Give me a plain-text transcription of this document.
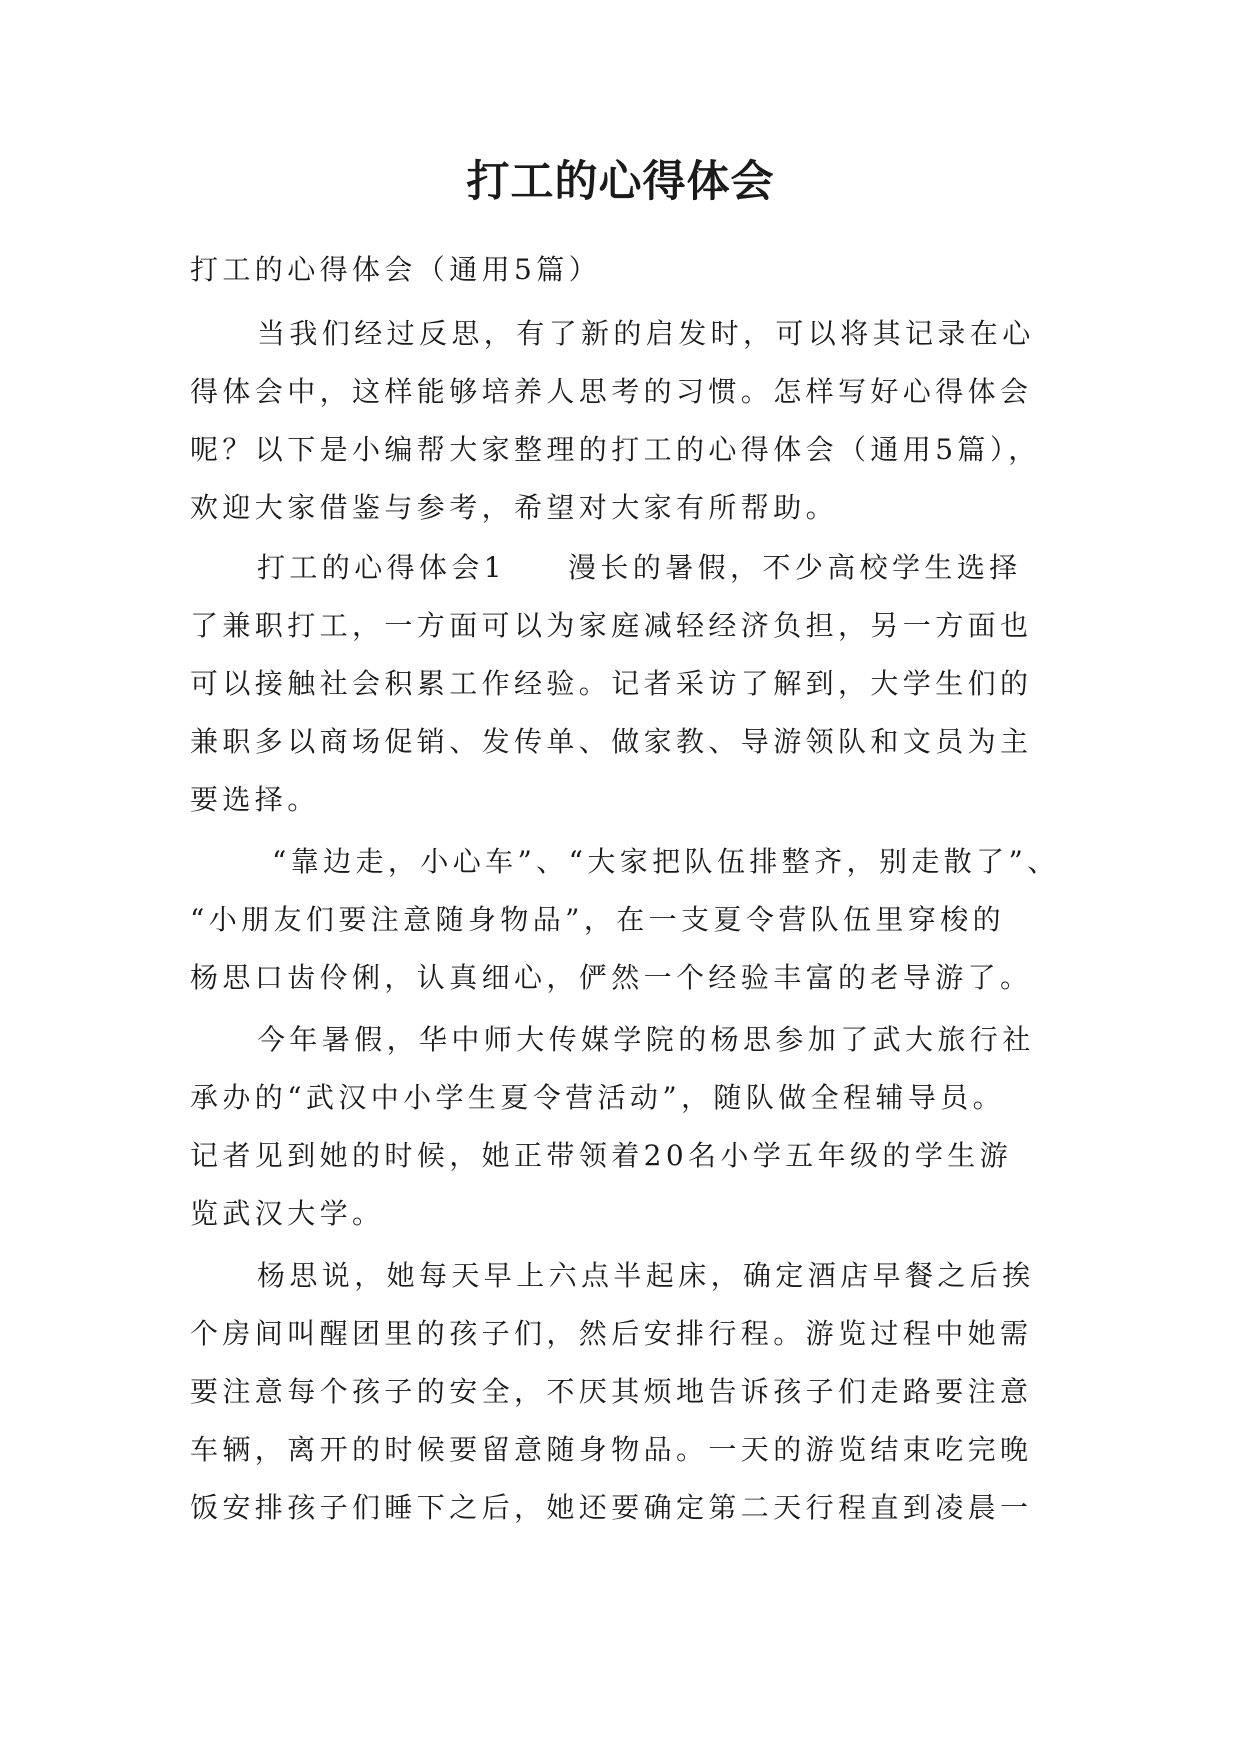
打工的心得体会

打工的心得体会（通用5篇）

当我们经过反思，有了新的启发时，可以将其记录在心

得体会中，这样能够培养人思考的习惯。怎样写好心得体会

呢？以下是小编帮大家整理的打工的心得体会（通用5篇），

欢迎大家借鉴与参考，希望对大家有所帮助。

打工的心得体会1 漫长的暑假，不少高校学生选择

了兼职打工，一方面可以为家庭减轻经济负担，另一方面也

可以接触社会积累工作经验。记者采访了解到，大学生们的

兼职多以商场促销、发传单、做家教、导游领队和文员为主

要选择。

“靠边走，小心车”、“大家把队伍排整齐，别走散了”、

“小朋友们要注意随身物品”，在一支夏令营队伍里穿梭的

杨思口齿伶俐，认真细心，俨然一个经验丰富的老导游了。

今年暑假，华中师大传媒学院的杨思参加了武大旅行社

承办的“武汉中小学生夏令营活动”，随队做全程辅导员。

记者见到她的时候，她正带领着20名小学五年级的学生游

览武汉大学。

杨思说，她每天早上六点半起床，确定酒店早餐之后挨

个房间叫醒团里的孩子们，然后安排行程。游览过程中她需

要注意每个孩子的安全，不厌其烦地告诉孩子们走路要注意

车辆，离开的时候要留意随身物品。一天的游览结束吃完晚

饭安排孩子们睡下之后，她还要确定第二天行程直到凌晨一
